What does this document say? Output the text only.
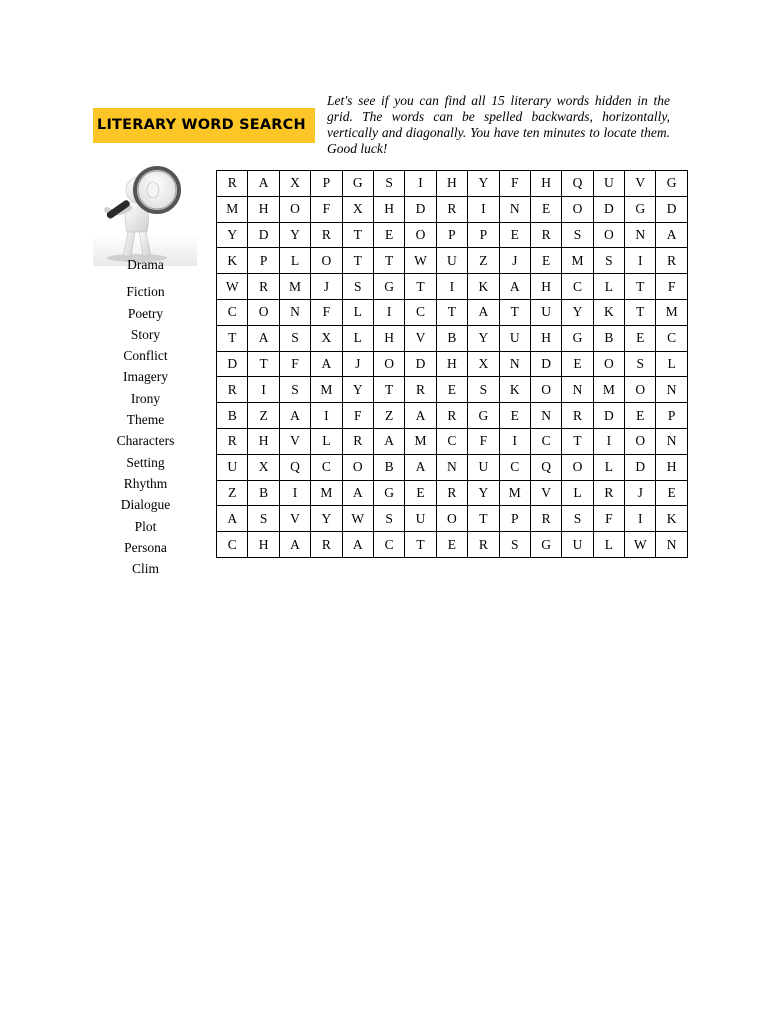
LITERARY WORD SEARCH
Let's see if you can find all 15 literary words hidden in the grid. The words can be spelled backwards, horizontally, vertically and diagonally. You have ten minutes to locate them. Good luck!
Drama
Fiction
Poetry
Story
Conflict
Imagery
Irony
Theme
Characters
Setting
Rhythm
Dialogue
Plot
Persona
Clim
R	A	X	P	G	S	I	H	Y	F	H	Q	U	V	G
M	H	O	F	X	H	D	R	I	N	E	O	D	G	D
Y	D	Y	R	T	E	O	P	P	E	R	S	O	N	A
K	P	L	O	T	T	W	U	Z	J	E	M	S	I	R
W	R	M	J	S	G	T	I	K	A	H	C	L	T	F
C	O	N	F	L	I	C	T	A	T	U	Y	K	T	M
T	A	S	X	L	H	V	B	Y	U	H	G	B	E	C
D	T	F	A	J	O	D	H	X	N	D	E	O	S	L
R	I	S	M	Y	T	R	E	S	K	O	N	M	O	N
B	Z	A	I	F	Z	A	R	G	E	N	R	D	E	P
R	H	V	L	R	A	M	C	F	I	C	T	I	O	N
U	X	Q	C	O	B	A	N	U	C	Q	O	L	D	H
Z	B	I	M	A	G	E	R	Y	M	V	L	R	J	E
A	S	V	Y	W	S	U	O	T	P	R	S	F	I	K
C	H	A	R	A	C	T	E	R	S	G	U	L	W	N
